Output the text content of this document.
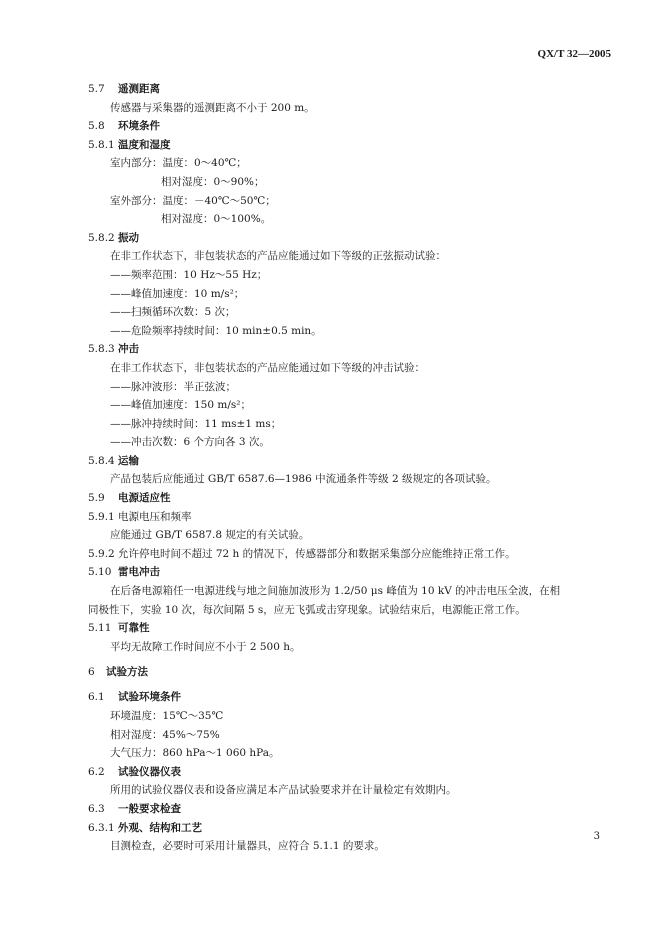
QX/T 32—2005
5.7 遥测距离
传感器与采集器的遥测距离不小于 200 m。
5.8 环境条件
5.8.1 温度和湿度
室内部分：温度：0～40℃；
相对湿度：0～90%；
室外部分：温度：－40℃～50℃；
相对湿度：0～100%。
5.8.2 振动
在非工作状态下，非包装状态的产品应能通过如下等级的正弦振动试验：
——频率范围：10 Hz～55 Hz；
——峰值加速度：10 m/s²；
——扫频循环次数：5 次；
——危险频率持续时间：10 min±0.5 min。
5.8.3 冲击
在非工作状态下，非包装状态的产品应能通过如下等级的冲击试验：
——脉冲波形：半正弦波；
——峰值加速度：150 m/s²；
——脉冲持续时间：11 ms±1 ms；
——冲击次数：6 个方向各 3 次。
5.8.4 运输
产品包装后应能通过 GB/T 6587.6—1986 中流通条件等级 2 级规定的各项试验。
5.9 电源适应性
5.9.1 电源电压和频率
应能通过 GB/T 6587.8 规定的有关试验。
5.9.2 允许停电时间不超过 72 h 的情况下，传感器部分和数据采集部分应能维持正常工作。
5.10 雷电冲击
在后备电源箱任一电源进线与地之间施加波形为 1.2/50 μs 峰值为 10 kV 的冲击电压全波，在相
同极性下，实验 10 次，每次间隔 5 s，应无飞弧或击穿现象。试验结束后，电源能正常工作。
5.11 可靠性
平均无故障工作时间应不小于 2 500 h。
6 试验方法
6.1 试验环境条件
环境温度：15℃～35℃
相对湿度：45%～75%
大气压力：860 hPa～1 060 hPa。
6.2 试验仪器仪表
所用的试验仪器仪表和设备应满足本产品试验要求并在计量检定有效期内。
6.3 一般要求检查
6.3.1 外观、结构和工艺
目测检查，必要时可采用计量器具，应符合 5.1.1 的要求。
3
